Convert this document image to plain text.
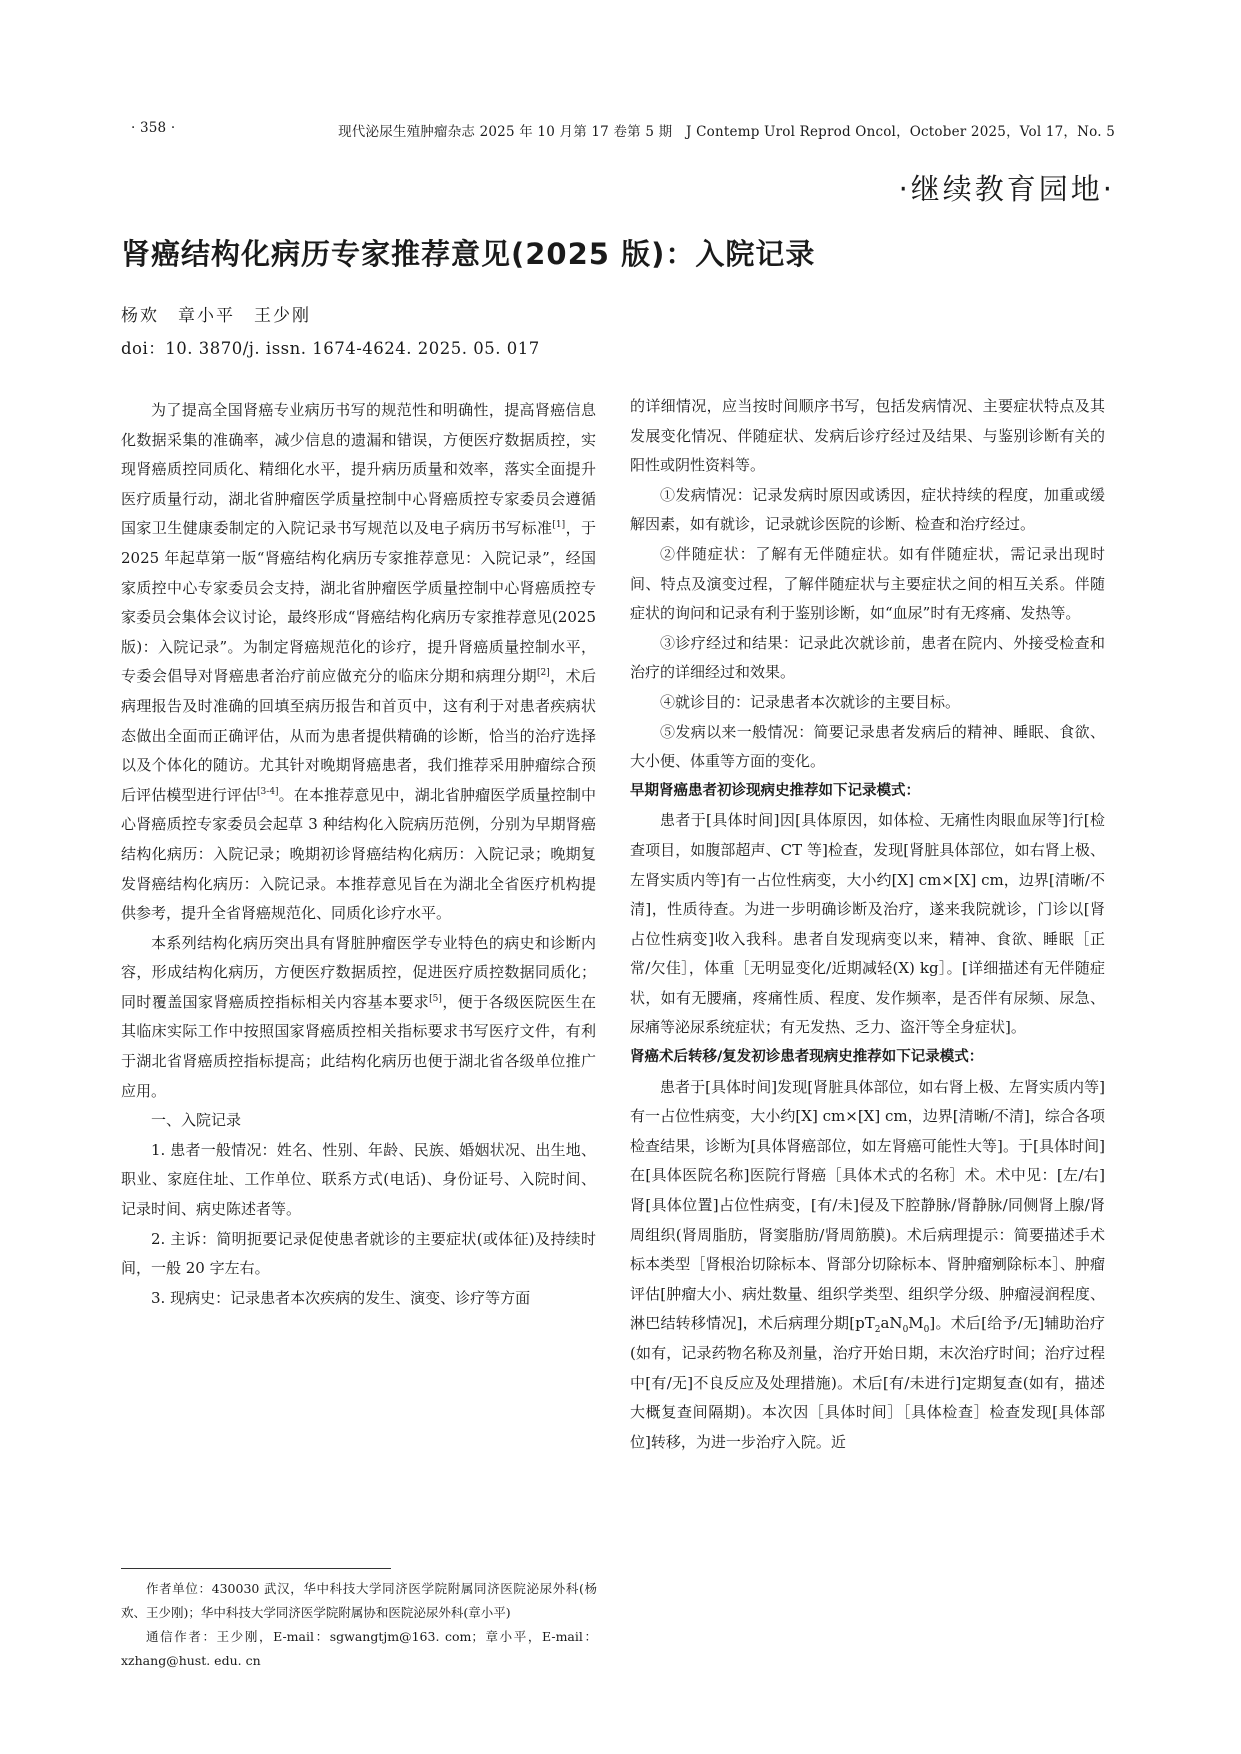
· 358 ·	现代泌尿生殖肿瘤杂志 2025 年 10 月第 17 卷第 5 期　J Contemp Urol Reprod Oncol，October 2025，Vol 17，No. 5
·继续教育园地·
肾癌结构化病历专家推荐意见(2025 版)：入院记录
杨欢　章小平　王少刚
doi：10. 3870/j. issn. 1674-4624. 2025. 05. 017

为了提高全国肾癌专业病历书写的规范性和明确性，提高肾癌信息化数据采集的准确率，减少信息的遗漏和错误，方便医疗数据质控，实现肾癌质控同质化、精细化水平，提升病历质量和效率，落实全面提升医疗质量行动，湖北省肿瘤医学质量控制中心肾癌质控专家委员会遵循国家卫生健康委制定的入院记录书写规范以及电子病历书写标准[1]，于 2025 年起草第一版“肾癌结构化病历专家推荐意见：入院记录”，经国家质控中心专家委员会支持，湖北省肿瘤医学质量控制中心肾癌质控专家委员会集体会议讨论，最终形成“肾癌结构化病历专家推荐意见(2025 版)：入院记录”。为制定肾癌规范化的诊疗，提升肾癌质量控制水平，专委会倡导对肾癌患者治疗前应做充分的临床分期和病理分期[2]，术后病理报告及时准确的回填至病历报告和首页中，这有利于对患者疾病状态做出全面而正确评估，从而为患者提供精确的诊断，恰当的治疗选择以及个体化的随访。尤其针对晚期肾癌患者，我们推荐采用肿瘤综合预后评估模型进行评估[3-4]。在本推荐意见中，湖北省肿瘤医学质量控制中心肾癌质控专家委员会起草 3 种结构化入院病历范例，分别为早期肾癌结构化病历：入院记录；晚期初诊肾癌结构化病历：入院记录；晚期复发肾癌结构化病历：入院记录。本推荐意见旨在为湖北全省医疗机构提供参考，提升全省肾癌规范化、同质化诊疗水平。

本系列结构化病历突出具有肾脏肿瘤医学专业特色的病史和诊断内容，形成结构化病历，方便医疗数据质控，促进医疗质控数据同质化；同时覆盖国家肾癌质控指标相关内容基本要求[5]，便于各级医院医生在其临床实际工作中按照国家肾癌质控相关指标要求书写医疗文件，有利于湖北省肾癌质控指标提高；此结构化病历也便于湖北省各级单位推广应用。

一、入院记录

1. 患者一般情况：姓名、性别、年龄、民族、婚姻状况、出生地、职业、家庭住址、工作单位、联系方式(电话)、身份证号、入院时间、记录时间、病史陈述者等。

2. 主诉：简明扼要记录促使患者就诊的主要症状(或体征)及持续时间，一般 20 字左右。

3. 现病史：记录患者本次疾病的发生、演变、诊疗等方面

的详细情况，应当按时间顺序书写，包括发病情况、主要症状特点及其发展变化情况、伴随症状、发病后诊疗经过及结果、与鉴别诊断有关的阳性或阴性资料等。

①发病情况：记录发病时原因或诱因，症状持续的程度，加重或缓解因素，如有就诊，记录就诊医院的诊断、检查和治疗经过。

②伴随症状：了解有无伴随症状。如有伴随症状，需记录出现时间、特点及演变过程，了解伴随症状与主要症状之间的相互关系。伴随症状的询问和记录有利于鉴别诊断，如“血尿”时有无疼痛、发热等。

③诊疗经过和结果：记录此次就诊前，患者在院内、外接受检查和治疗的详细经过和效果。

④就诊目的：记录患者本次就诊的主要目标。

⑤发病以来一般情况：简要记录患者发病后的精神、睡眠、食欲、大小便、体重等方面的变化。

早期肾癌患者初诊现病史推荐如下记录模式：

患者于[具体时间]因[具体原因，如体检、无痛性肉眼血尿等]行[检查项目，如腹部超声、CT 等]检查，发现[肾脏具体部位，如右肾上极、左肾实质内等]有一占位性病变，大小约[X] cm×[X] cm，边界[清晰/不清]，性质待查。为进一步明确诊断及治疗，遂来我院就诊，门诊以[肾占位性病变]收入我科。患者自发现病变以来，精神、食欲、睡眠［正常/欠佳］，体重［无明显变化/近期减轻(X) kg］。[详细描述有无伴随症状，如有无腰痛，疼痛性质、程度、发作频率，是否伴有尿频、尿急、尿痛等泌尿系统症状；有无发热、乏力、盗汗等全身症状]。

肾癌术后转移/复发初诊患者现病史推荐如下记录模式：

患者于[具体时间]发现[肾脏具体部位，如右肾上极、左肾实质内等]有一占位性病变，大小约[X] cm×[X] cm，边界[清晰/不清]，综合各项检查结果，诊断为[具体肾癌部位，如左肾癌可能性大等]。于[具体时间]在[具体医院名称]医院行肾癌［具体术式的名称］术。术中见：[左/右]肾[具体位置]占位性病变，[有/未]侵及下腔静脉/肾静脉/同侧肾上腺/肾周组织(肾周脂肪，肾窦脂肪/肾周筋膜)。术后病理提示：简要描述手术标本类型［肾根治切除标本、肾部分切除标本、肾肿瘤剜除标本］、肿瘤评估[肿瘤大小、病灶数量、组织学类型、组织学分级、肿瘤浸润程度、淋巴结转移情况]，术后病理分期$[pT_2aN_0M_0]$。术后[给予/无]辅助治疗(如有，记录药物名称及剂量，治疗开始日期，末次治疗时间；治疗过程中[有/无]不良反应及处理措施)。术后[有/未进行]定期复查(如有，描述大概复查间隔期)。本次因［具体时间］［具体检查］检查发现[具体部位]转移，为进一步治疗入院。近

作者单位：430030 武汉，华中科技大学同济医学院附属同济医院泌尿外科(杨欢、王少刚)；华中科技大学同济医学院附属协和医院泌尿外科(章小平)

通信作者：王少刚，E-mail：sgwangtjm@163. com；章小平，E-mail：xzhang@hust. edu. cn
